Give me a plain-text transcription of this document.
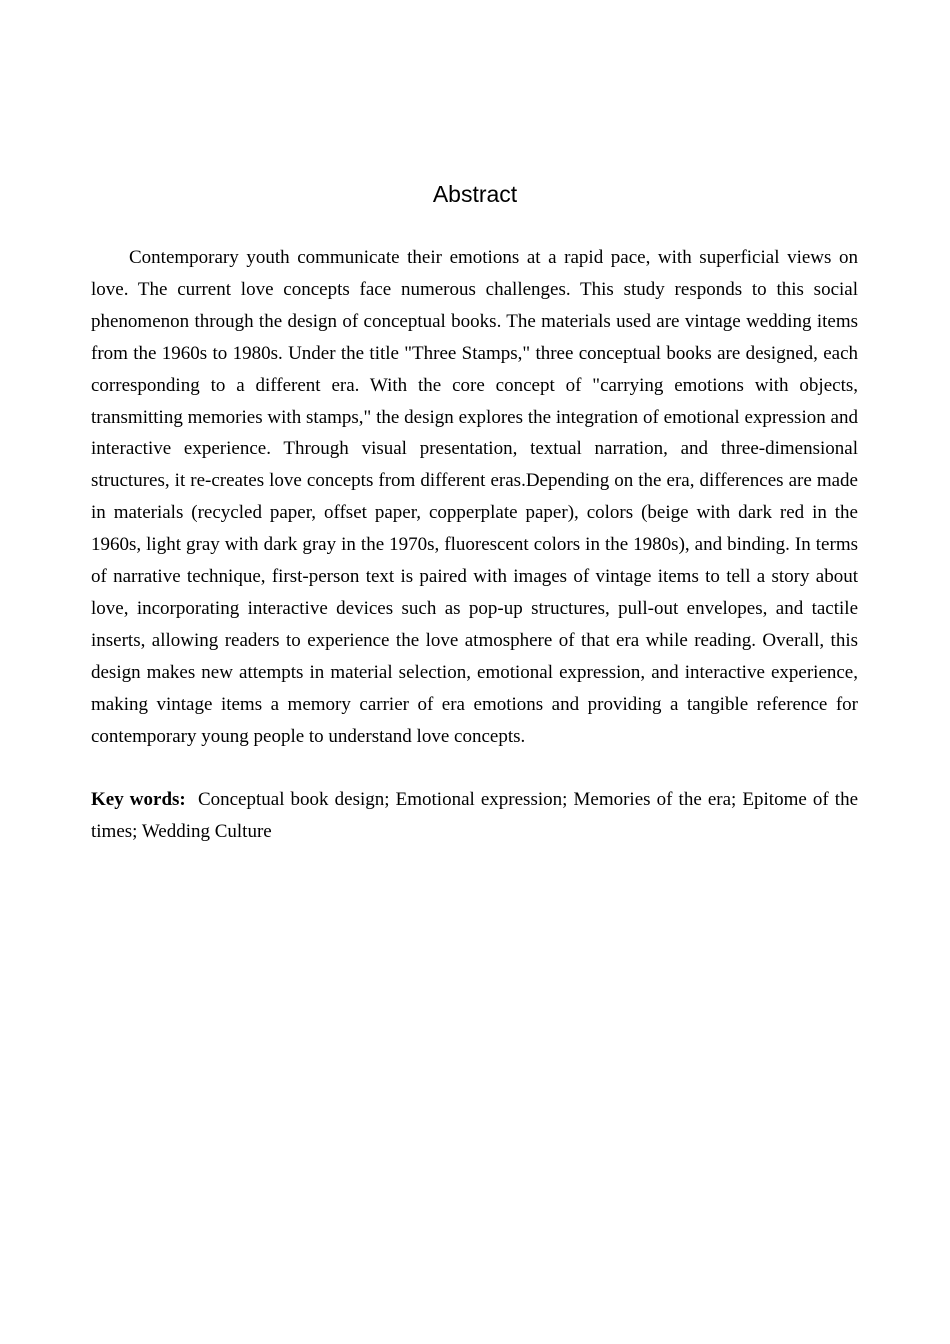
Abstract

Contemporary youth communicate their emotions at a rapid pace, with superficial views on love. The current love concepts face numerous challenges. This study responds to this social phenomenon through the design of conceptual books. The materials used are vintage wedding items from the 1960s to 1980s. Under the title "Three Stamps," three conceptual books are designed, each corresponding to a different era. With the core concept of "carrying emotions with objects, transmitting memories with stamps," the design explores the integration of emotional expression and interactive experience. Through visual presentation, textual narration, and three-dimensional structures, it re-creates love concepts from different eras.Depending on the era, differences are made in materials (recycled paper, offset paper, copperplate paper), colors (beige with dark red in the 1960s, light gray with dark gray in the 1970s, fluorescent colors in the 1980s), and binding. In terms of narrative technique, first-person text is paired with images of vintage items to tell a story about love, incorporating interactive devices such as pop-up structures, pull-out envelopes, and tactile inserts, allowing readers to experience the love atmosphere of that era while reading. Overall, this design makes new attempts in material selection, emotional expression, and interactive experience, making vintage items a memory carrier of era emotions and providing a tangible reference for contemporary young people to understand love concepts.

Key words: Conceptual book design; Emotional expression; Memories of the era; Epitome of the times; Wedding Culture
